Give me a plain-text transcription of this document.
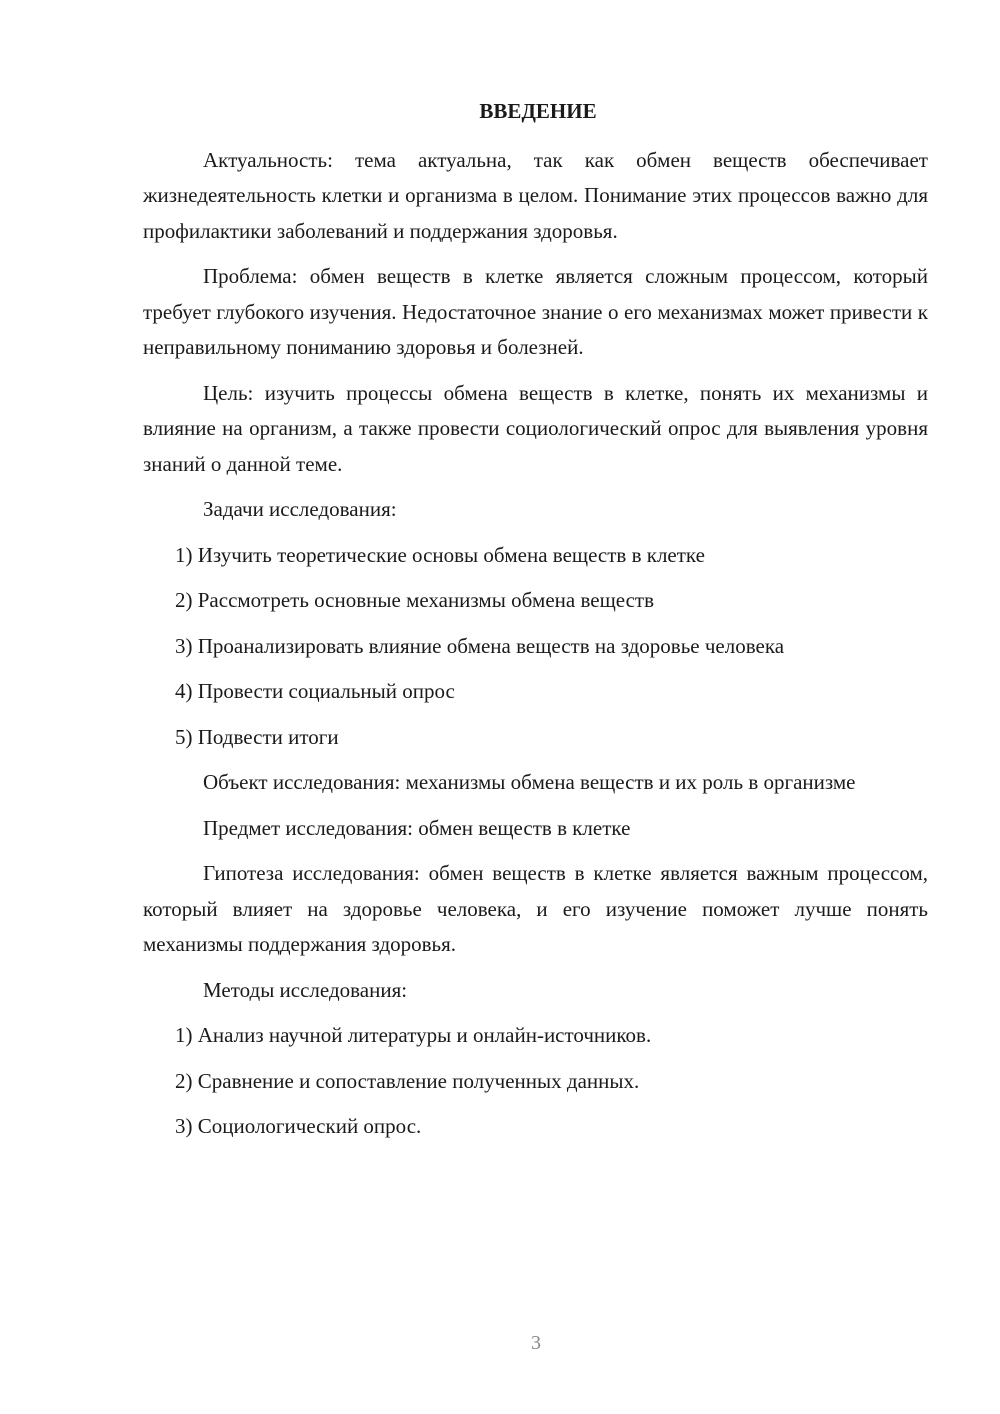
ВВЕДЕНИЕ

Актуальность: тема актуальна, так как обмен веществ обеспечивает жизнедеятельность клетки и организма в целом. Понимание этих процессов важно для профилактики заболеваний и поддержания здоровья.

Проблема: обмен веществ в клетке является сложным процессом, который требует глубокого изучения. Недостаточное знание о его механизмах может привести к неправильному пониманию здоровья и болезней.

Цель: изучить процессы обмена веществ в клетке, понять их механизмы и влияние на организм, а также провести социологический опрос для выявления уровня знаний о данной теме.

Задачи исследования:

1) Изучить теоретические основы обмена веществ в клетке
2) Рассмотреть основные механизмы обмена веществ
3) Проанализировать влияние обмена веществ на здоровье человека
4) Провести социальный опрос
5) Подвести итоги

Объект исследования: механизмы обмена веществ и их роль в организме

Предмет исследования: обмен веществ в клетке

Гипотеза исследования: обмен веществ в клетке является важным процессом, который влияет на здоровье человека, и его изучение поможет лучше понять механизмы поддержания здоровья.

Методы исследования:

1) Анализ научной литературы и онлайн-источников.
2) Сравнение и сопоставление полученных данных.
3) Социологический опрос.
3
